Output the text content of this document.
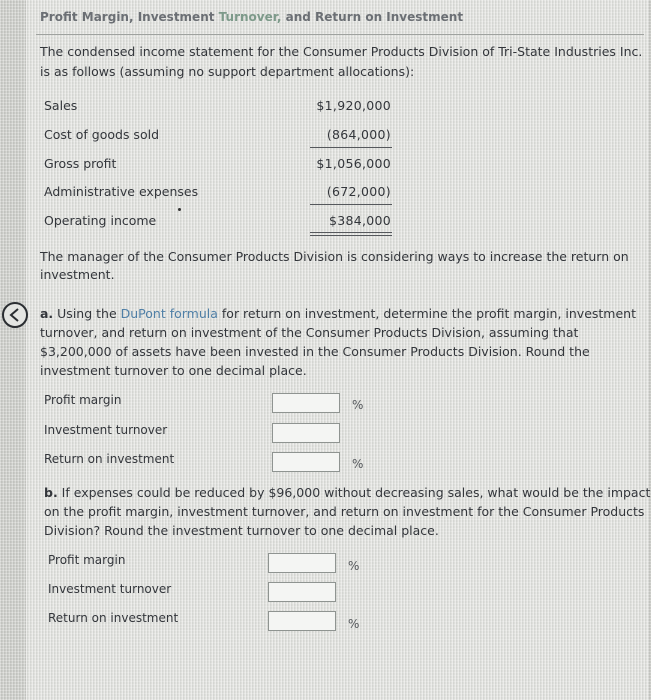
Profit Margin, Investment Turnover, and Return on Investment
The condensed income statement for the Consumer Products Division of Tri-State Industries Inc.
is as follows (assuming no support department allocations):
Sales	$1,920,000
Cost of goods sold	(864,000)
Gross profit	$1,056,000
Administrative expenses	(672,000)
Operating income	$384,000
The manager of the Consumer Products Division is considering ways to increase the return on
investment.
a. Using the DuPont formula for return on investment, determine the profit margin, investment
turnover, and return on investment of the Consumer Products Division, assuming that
$3,200,000 of assets have been invested in the Consumer Products Division. Round the
investment turnover to one decimal place.
Profit margin	%
Investment turnover
Return on investment	%
b. If expenses could be reduced by $96,000 without decreasing sales, what would be the impact
on the profit margin, investment turnover, and return on investment for the Consumer Products
Division? Round the investment turnover to one decimal place.
Profit margin	%
Investment turnover
Return on investment	%
